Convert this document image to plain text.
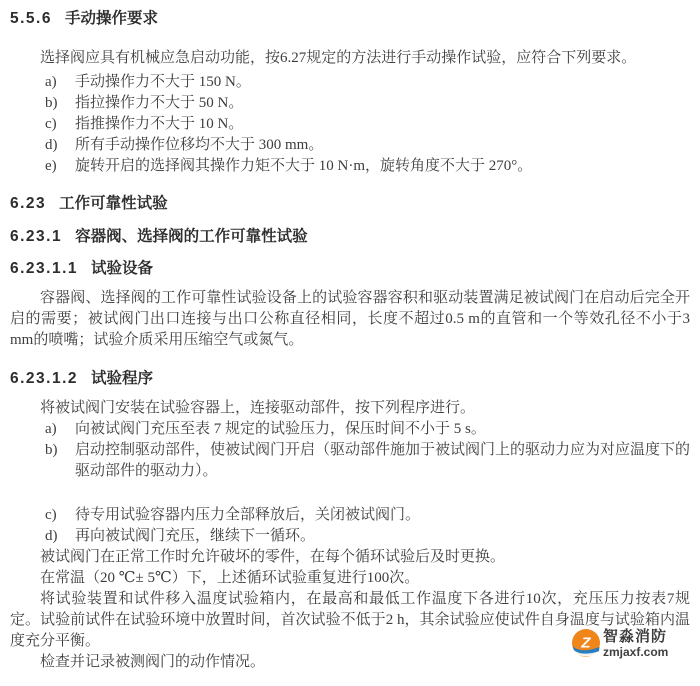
5.5.6 手动操作要求

选择阀应具有机械应急启动功能，按6.27规定的方法进行手动操作试验，应符合下列要求。

a)	手动操作力不大于 150 N。
b)	指拉操作力不大于 50 N。
c)	指推操作力不大于 10 N。
d)	所有手动操作位移均不大于 300 mm。
e)	旋转开启的选择阀其操作力矩不大于 10 N·m，旋转角度不大于 270°。
6.23 工作可靠性试验
6.23.1 容器阀、选择阀的工作可靠性试验
6.23.1.1 试验设备

容器阀、选择阀的工作可靠性试验设备上的试验容器容积和驱动装置满足被试阀门在启动后完全开启的需要；被试阀门出口连接与出口公称直径相同，长度不超过0.5 m的直管和一个等效孔径不小于3 mm的喷嘴；试验介质采用压缩空气或氮气。

6.23.1.2 试验程序

将被试阀门安装在试验容器上，连接驱动部件，按下列程序进行。

a)	向被试阀门充压至表 7 规定的试验压力，保压时间不小于 5 s。
b)	启动控制驱动部件，使被试阀门开启（驱动部件施加于被试阀门上的驱动力应为对应温度下的驱动部件的驱动力）。
c)	待专用试验容器内压力全部释放后，关闭被试阀门。
d)	再向被试阀门充压，继续下一循环。

被试阀门在正常工作时允许破坏的零件，在每个循环试验后及时更换。

在常温（20 ℃± 5℃）下，上述循环试验重复进行100次。

将试验装置和试件移入温度试验箱内，在最高和最低工作温度下各进行10次，充压压力按表7规定。试验前试件在试验环境中放置时间，首次试验不低于2 h，其余试验应使试件自身温度与试验箱内温度充分平衡。

检查并记录被测阀门的动作情况。

Z 智淼消防
zmjaxf.com
